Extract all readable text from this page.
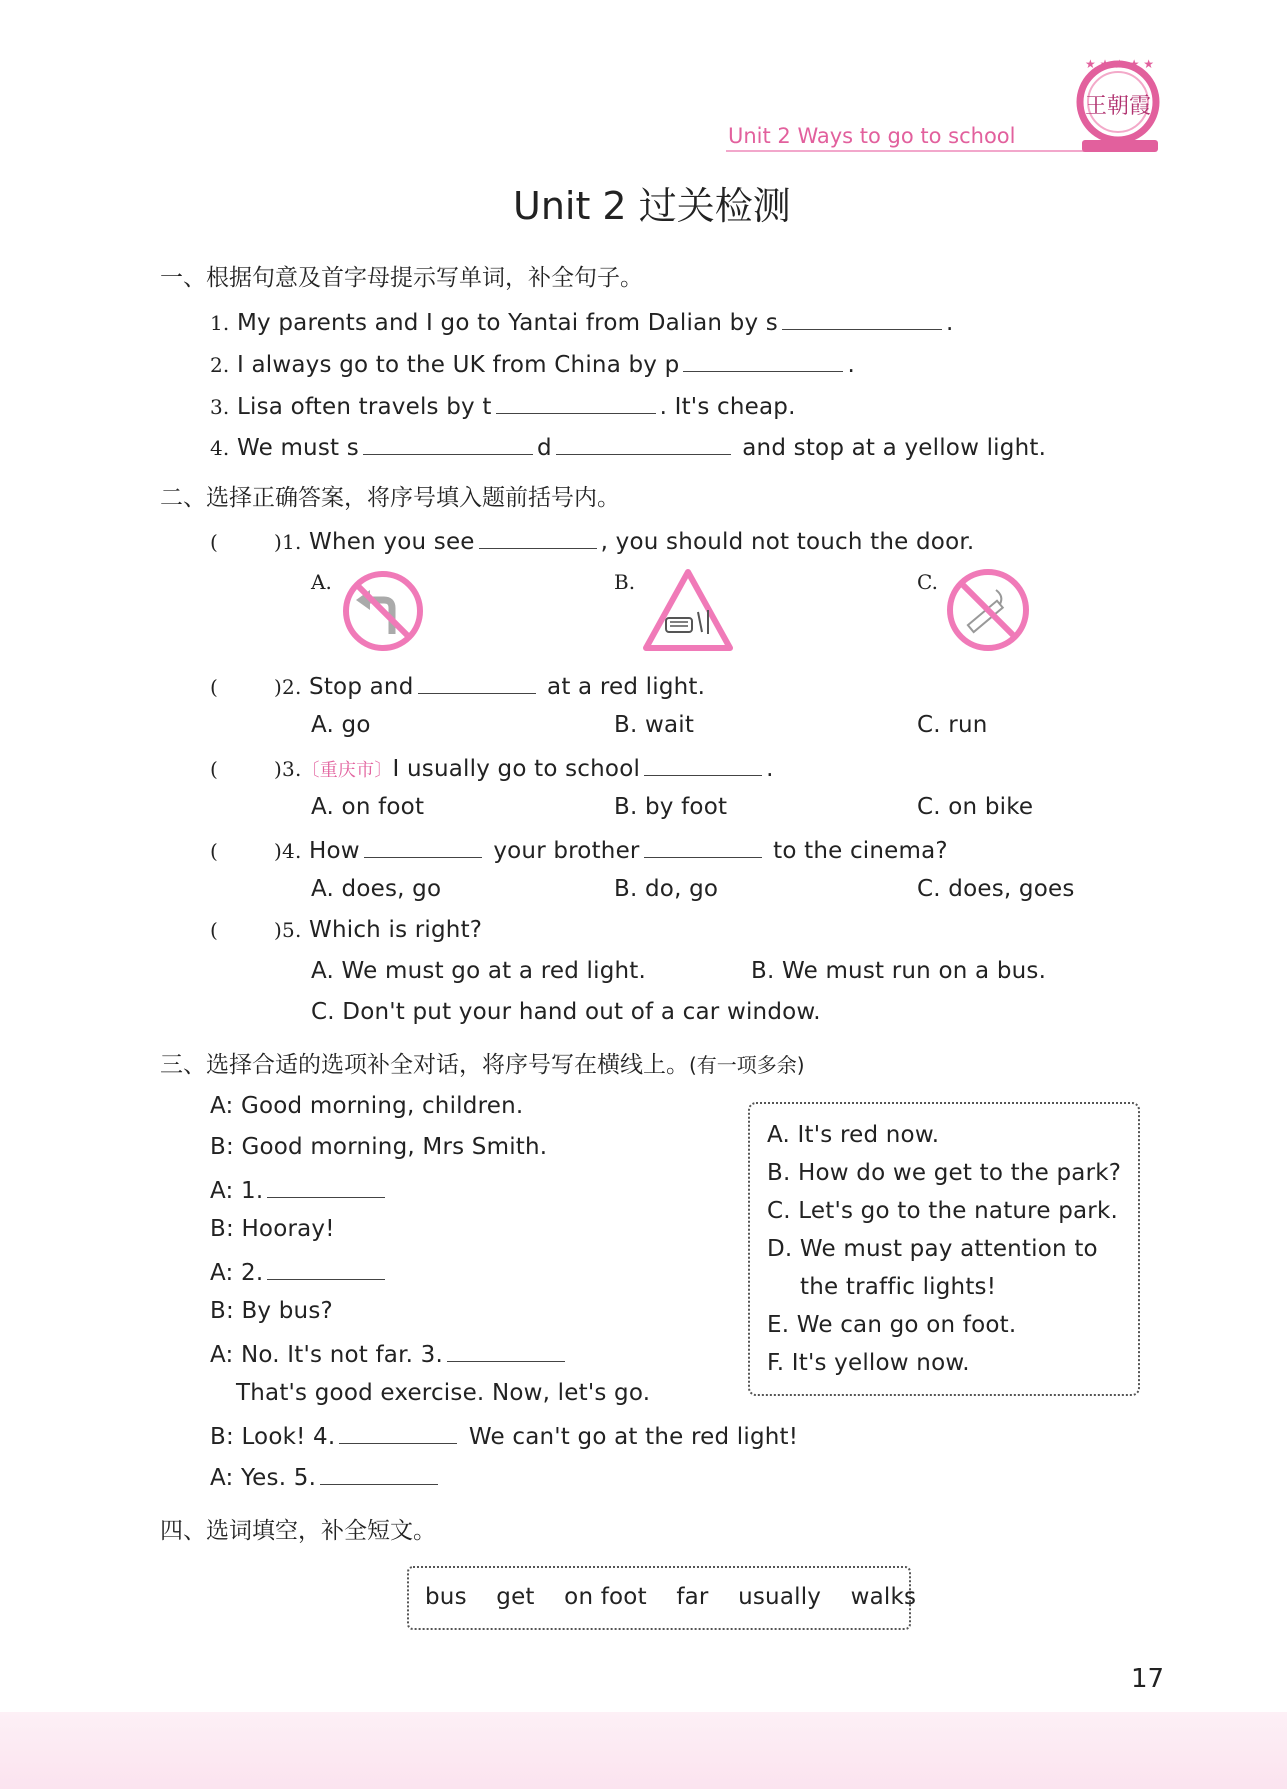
Unit 2 Ways to go to school
★ ★ ★ ★ ★
王朝霞
Unit 2 过关检测
一、根据句意及首字母提示写单词，补全句子。
1. My parents and I go to Yantai from Dalian by s	.
2. I always go to the UK from China by p	.
3. Lisa often travels by t	. It's cheap.
4. We must s	d	and stop at a yellow light.
二、选择正确答案，将序号填入题前括号内。
(	)1. When you see	, you should not touch the door.
A.	B.	C.
(	)2. Stop and	at a red light.
A. go	B. wait	C. run
(	)3.〔重庆市〕I usually go to school	.
A. on foot	B. by foot	C. on bike
(	)4. How	your brother	to the cinema?
A. does, go	B. do, go	C. does, goes
(	)5. Which is right?
A. We must go at a red light.	B. We must run on a bus.
C. Don't put your hand out of a car window.
三、选择合适的选项补全对话，将序号写在横线上。(有一项多余)
A: Good morning, children.
B: Good morning, Mrs Smith.
A: 1.
B: Hooray!
A: 2.
B: By bus?
A: No. It's not far. 3.
That's good exercise. Now, let's go.
B: Look! 4.	We can't go at the red light!
A: Yes. 5.
A. It's red now.
B. How do we get to the park?
C. Let's go to the nature park.
D. We must pay attention to
the traffic lights!
E. We can go on foot.
F. It's yellow now.
四、选词填空，补全短文。
bus get on foot far usually walks
17
